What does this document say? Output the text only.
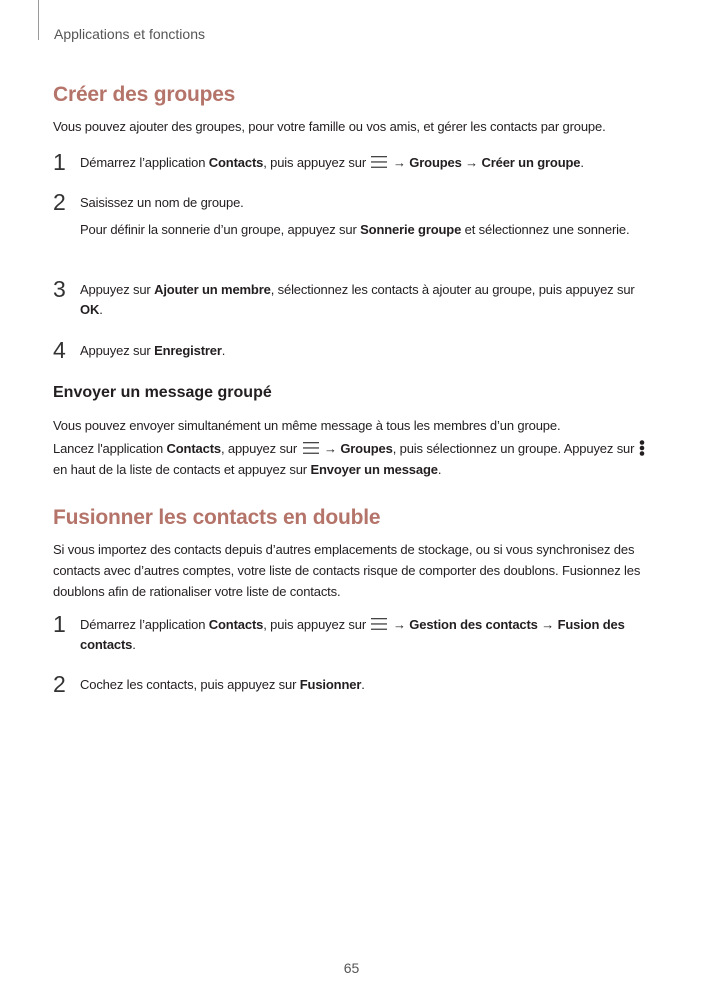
Applications et fonctions
Créer des groupes
Vous pouvez ajouter des groupes, pour votre famille ou vos amis, et gérer les contacts par groupe.
1 Démarrez l’application Contacts, puis appuyez sur  → Groupes → Créer un groupe.
2 Saisissez un nom de groupe.
Pour définir la sonnerie d’un groupe, appuyez sur Sonnerie groupe et sélectionnez une sonnerie.
3 Appuyez sur Ajouter un membre, sélectionnez les contacts à ajouter au groupe, puis appuyez sur OK.
4 Appuyez sur Enregistrer.
Envoyer un message groupé
Vous pouvez envoyer simultanément un même message à tous les membres d’un groupe.
Lancez l'application Contacts, appuyez sur  → Groupes, puis sélectionnez un groupe. Appuyez sur  en haut de la liste de contacts et appuyez sur Envoyer un message.
Fusionner les contacts en double
Si vous importez des contacts depuis d’autres emplacements de stockage, ou si vous synchronisez des contacts avec d’autres comptes, votre liste de contacts risque de comporter des doublons. Fusionnez les doublons afin de rationaliser votre liste de contacts.
1 Démarrez l’application Contacts, puis appuyez sur  → Gestion des contacts → Fusion des contacts.
2 Cochez les contacts, puis appuyez sur Fusionner.
65
